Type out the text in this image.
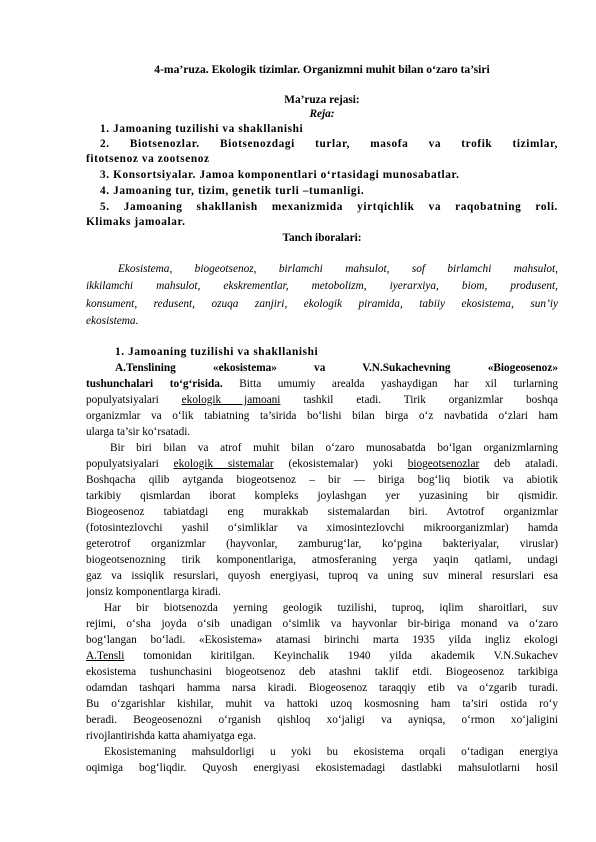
4-ma’ruza. Ekologik tizimlar. Organizmni muhit bilan o‘zaro ta’siri
Ma’ruza rejasi:
Reja:
1. Jamoaning tuzilishi va shakllanishi
2. Biotsenozlar. Biotsenozdagi turlar, masofa va trofik tizimlar,
fitotsenoz va zootsenoz
3. Konsortsiyalar. Jamoa komponentlari o‘rtasidagi munosabatlar.
4. Jamoaning tur, tizim, genetik turli –tumanligi.
5. Jamoaning shakllanish mexanizmida yirtqichlik va raqobatning roli.
Klimaks jamoalar.
Tanch iboralari:
Ekosistema, biogeotsenoz, birlamchi mahsulot, sof birlamchi mahsulot,
ikkilamchi mahsulot, ekskrementlar, metobolizm, iyerarxiya, biom, produsent,
konsument, redusent, ozuqa zanjiri, ekologik piramida, tabiiy ekosistema, sun’iy
ekosistema.
1. Jamoaning tuzilishi va shakllanishi
A.Tenslining «ekosistema» va V.N.Sukachevning «Biogeosenoz»
tushunchalari to‘g‘risida. Bitta umumiy arealda yashaydigan har xil turlarning
populyatsiyalari ekologik jamoani tashkil etadi. Tirik organizmlar boshqa
organizmlar va o‘lik tabiatning ta’sirida bo‘lishi bilan birga o‘z navbatida o‘zlari ham
ularga ta’sir ko‘rsatadi.
Bir biri bilan va atrof muhit bilan o‘zaro munosabatda bo‘lgan organizmlarning
populyatsiyalari ekologik sistemalar (ekosistemalar) yoki biogeotsenozlar deb ataladi.
Boshqacha qilib aytganda biogeotsenoz – bir — biriga bog‘liq biotik va abiotik
tarkibiy qismlardan iborat kompleks joylashgan yer yuzasining bir qismidir.
Biogeosenoz tabiatdagi eng murakkab sistemalardan biri. Avtotrof organizmlar
(fotosintezlovchi yashil o‘simliklar va ximosintezlovchi mikroorganizmlar) hamda
geterotrof organizmlar (hayvonlar, zamburug‘lar, ko‘pgina bakteriyalar, viruslar)
biogeotsenozning tirik komponentlariga, atmosferaning yerga yaqin qatlami, undagi
gaz va issiqlik resurslari, quyosh energiyasi, tuproq va uning suv mineral resurslari esa
jonsiz komponentlarga kiradi.
Har bir biotsenozda yerning geologik tuzilishi, tuproq, iqlim sharoitlari, suv
rejimi, o‘sha joyda o‘sib unadigan o‘simlik va hayvonlar bir-biriga monand va o‘zaro
bog‘langan bo‘ladi. «Ekosistema» atamasi birinchi marta 1935 yilda ingliz ekologi
A.Tensli tomonidan kiritilgan. Keyinchalik 1940 yilda akademik V.N.Sukachev
ekosistema tushunchasini biogeotsenoz deb atashni taklif etdi. Biogeosenoz tarkibiga
odamdan tashqari hamma narsa kiradi. Biogeosenoz taraqqiy etib va o‘zgarib turadi.
Bu o‘zgarishlar kishilar, muhit va hattoki uzoq kosmosning ham ta’siri ostida ro‘y
beradi. Beogeosenozni o‘rganish qishloq xo‘jaligi va ayniqsa, o‘rmon xo‘jaligini
rivojlantirishda katta ahamiyatga ega.
Ekosistemaning mahsuldorligi u yoki bu ekosistema orqali o‘tadigan energiya
oqimiga bog‘liqdir. Quyosh energiyasi ekosistemadagi dastlabki mahsulotlarni hosil
